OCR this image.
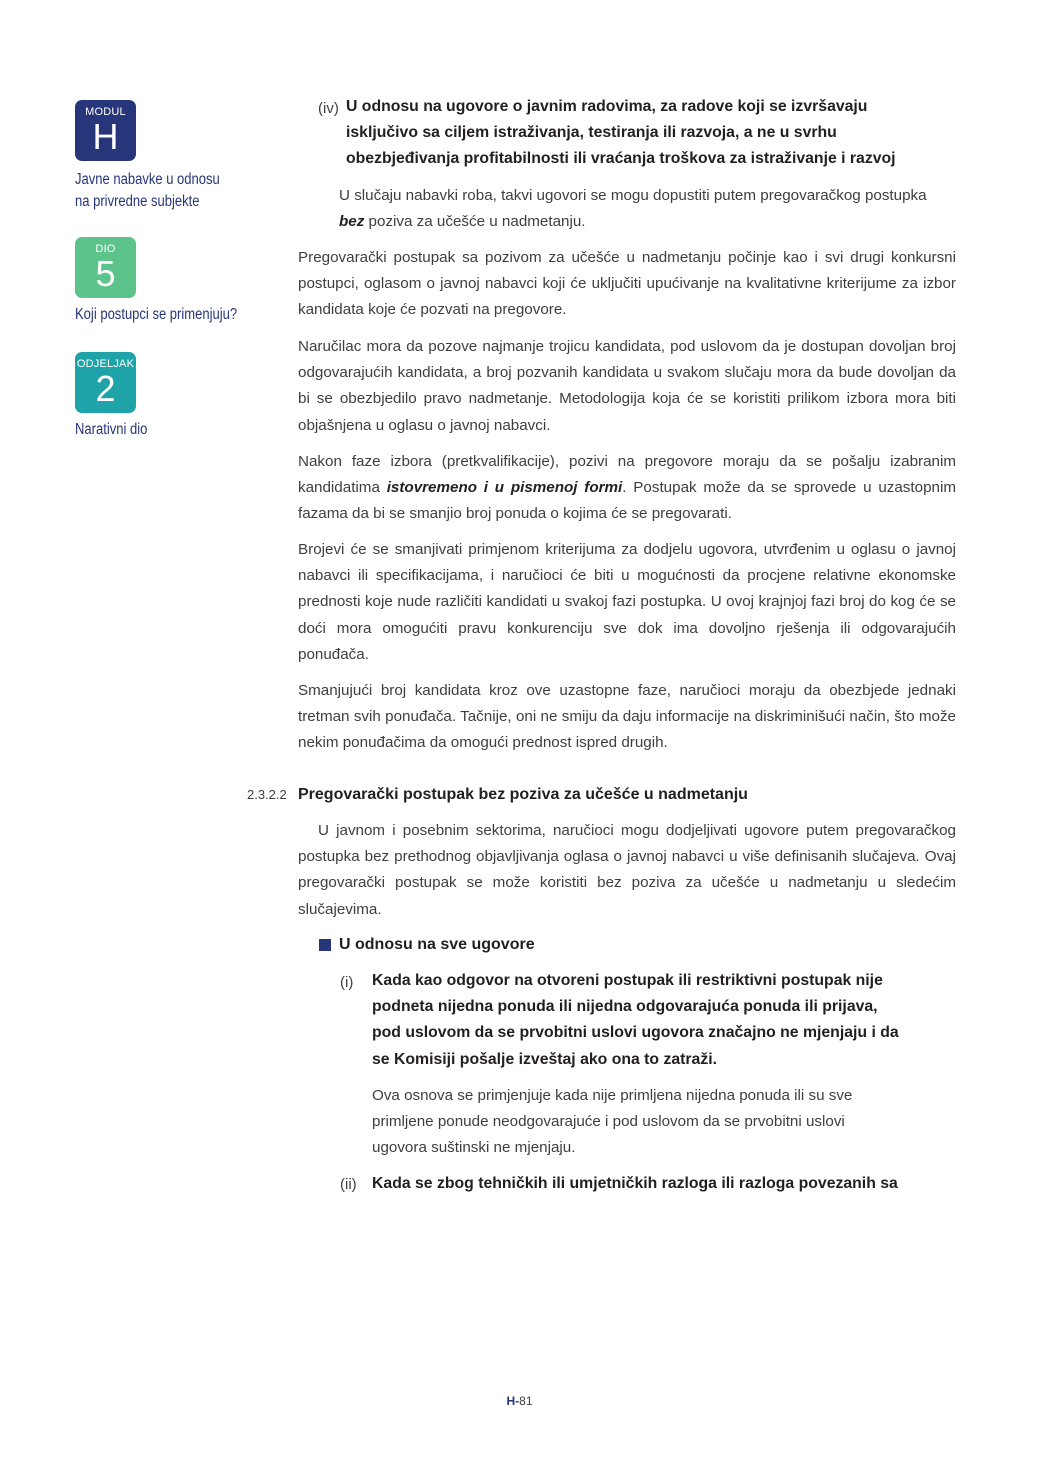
MODUL
H
Javne nabavke u odnosu
na privredne subjekte
DIO
5
Koji postupci se primenjuju?
ODJELJAK
2
Narativni dio
(iv) U odnosu na ugovore o javnim radovima, za radove koji se izvršavaju
isključivo sa ciljem istraživanja, testiranja ili razvoja, a ne u svrhu
obezbjeđivanja profitabilnosti ili vraćanja troškova za istraživanje i razvoj

U slučaju nabavki roba, takvi ugovori se mogu dopustiti putem pregovaračkog postupka bez poziva za učešće u nadmetanju.

Pregovarački postupak sa pozivom za učešće u nadmetanju počinje kao i svi drugi konkursni postupci, oglasom o javnoj nabavci koji će uključiti upućivanje na kvalitativne kriterijume za izbor kandidata koje će pozvati na pregovore.

Naručilac mora da pozove najmanje trojicu kandidata, pod uslovom da je dostupan dovoljan broj odgovarajućih kandidata, a broj pozvanih kandidata u svakom slučaju mora da bude dovoljan da bi se obezbjedilo pravo nadmetanje. Metodologija koja će se koristiti prilikom izbora mora biti objašnjena u oglasu o javnoj nabavci.

Nakon faze izbora (pretkvalifikacije), pozivi na pregovore moraju da se pošalju izabranim kandidatima istovremeno i u pismenoj formi. Postupak može da se sprovede u uzastopnim fazama da bi se smanjio broj ponuda o kojima će se pregovarati.

Brojevi će se smanjivati primjenom kriterijuma za dodjelu ugovora, utvrđenim u oglasu o javnoj nabavci ili specifikacijama, i naručioci će biti u mogućnosti da procjene relativne ekonomske prednosti koje nude različiti kandidati u svakoj fazi postupka. U ovoj krajnjoj fazi broj do kog će se doći mora omogućiti pravu konkurenciju sve dok ima dovoljno rješenja ili odgovarajućih ponuđača.

Smanjujući broj kandidata kroz ove uzastopne faze, naručioci moraju da obezbjede jednaki tretman svih ponuđača. Tačnije, oni ne smiju da daju informacije na diskriminišući način, što može nekim ponuđačima da omogući prednost ispred drugih.

2.3.2.2 Pregovarački postupak bez poziva za učešće u nadmetanju

U javnom i posebnim sektorima, naručioci mogu dodjeljivati ugovore putem pregovaračkog postupka bez prethodnog objavljivanja oglasa o javnoj nabavci u više definisanih slučajeva. Ovaj pregovarački postupak se može koristiti bez poziva za učešće u nadmetanju u sledećim slučajevima.

U odnosu na sve ugovore
(i) Kada kao odgovor na otvoreni postupak ili restriktivni postupak nije
podneta nijedna ponuda ili nijedna odgovarajuća ponuda ili prijava,
pod uslovom da se prvobitni uslovi ugovora značajno ne mjenjaju i da
se Komisiji pošalje izveštaj ako ona to zatraži.

Ova osnova se primjenjuje kada nije primljena nijedna ponuda ili su sve primljene ponude neodgovarajuće i pod uslovom da se prvobitni uslovi ugovora suštinski ne mjenjaju.

(ii) Kada se zbog tehničkih ili umjetničkih razloga ili razloga povezanih sa
H-81
